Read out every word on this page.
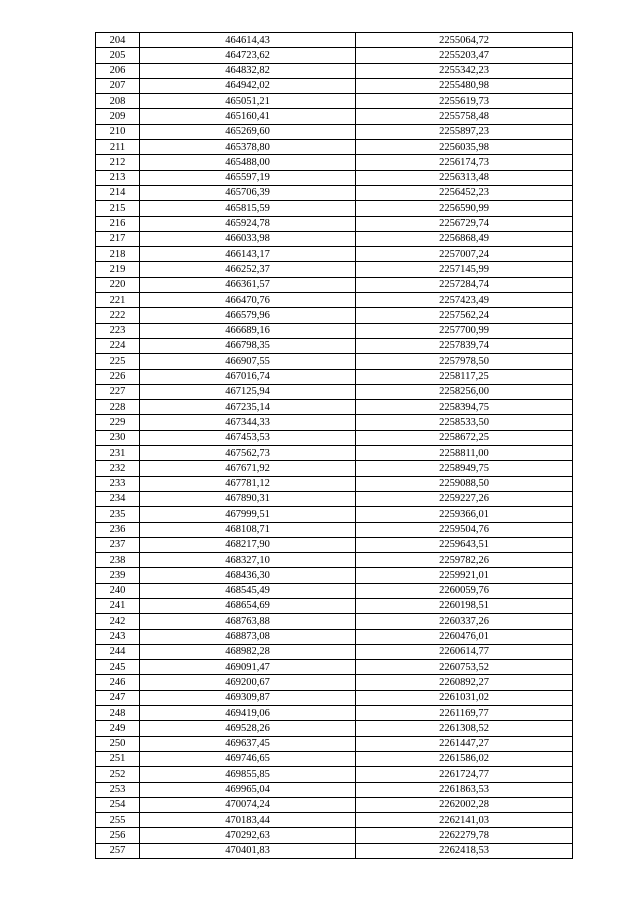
204	464614,43	2255064,72
205	464723,62	2255203,47
206	464832,82	2255342,23
207	464942,02	2255480,98
208	465051,21	2255619,73
209	465160,41	2255758,48
210	465269,60	2255897,23
211	465378,80	2256035,98
212	465488,00	2256174,73
213	465597,19	2256313,48
214	465706,39	2256452,23
215	465815,59	2256590,99
216	465924,78	2256729,74
217	466033,98	2256868,49
218	466143,17	2257007,24
219	466252,37	2257145,99
220	466361,57	2257284,74
221	466470,76	2257423,49
222	466579,96	2257562,24
223	466689,16	2257700,99
224	466798,35	2257839,74
225	466907,55	2257978,50
226	467016,74	2258117,25
227	467125,94	2258256,00
228	467235,14	2258394,75
229	467344,33	2258533,50
230	467453,53	2258672,25
231	467562,73	2258811,00
232	467671,92	2258949,75
233	467781,12	2259088,50
234	467890,31	2259227,26
235	467999,51	2259366,01
236	468108,71	2259504,76
237	468217,90	2259643,51
238	468327,10	2259782,26
239	468436,30	2259921,01
240	468545,49	2260059,76
241	468654,69	2260198,51
242	468763,88	2260337,26
243	468873,08	2260476,01
244	468982,28	2260614,77
245	469091,47	2260753,52
246	469200,67	2260892,27
247	469309,87	2261031,02
248	469419,06	2261169,77
249	469528,26	2261308,52
250	469637,45	2261447,27
251	469746,65	2261586,02
252	469855,85	2261724,77
253	469965,04	2261863,53
254	470074,24	2262002,28
255	470183,44	2262141,03
256	470292,63	2262279,78
257	470401,83	2262418,53
